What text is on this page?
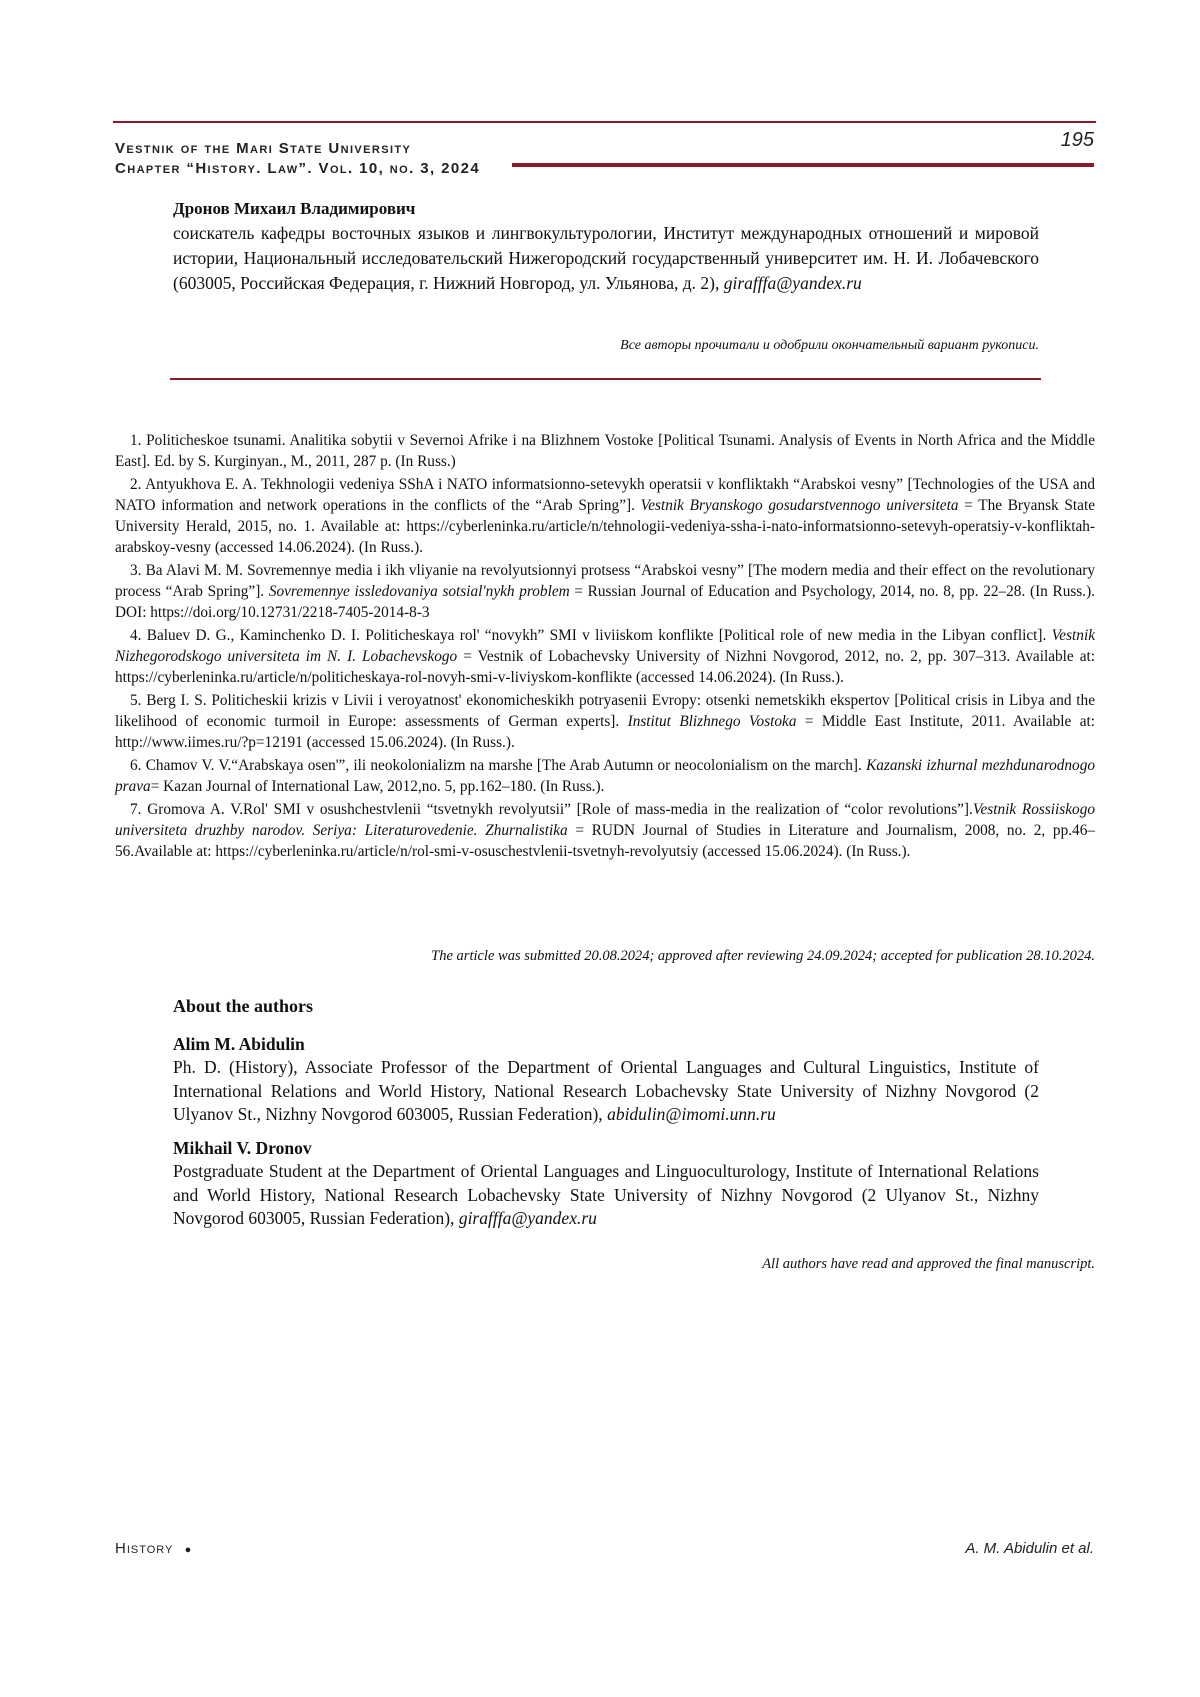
Vestnik of the Mari State University
Chapter “History. Law”. Vol. 10, no. 3, 2024
195
Дронов Михаил Владимирович
соискатель кафедры восточных языков и лингвокультурологии, Институт международных отношений и мировой истории, Национальный исследовательский Нижегородский государственный университет им. Н. И. Лобачевского (603005, Российская Федерация, г. Нижний Новгород, ул. Ульянова, д. 2), girafffa@yandex.ru
Все авторы прочитали и одобрили окончательный вариант рукописи.

1. Politicheskoe tsunami. Analitika sobytii v Severnoi Afrike i na Blizhnem Vostoke [Political Tsunami. Analysis of Events in North Africa and the Middle East]. Ed. by S. Kurginyan., M., 2011, 287 p. (In Russ.)

2. Antyukhova E. A. Tekhnologii vedeniya SShA i NATO informatsionno-setevykh operatsii v konfliktakh “Arabskoi vesny” [Technologies of the USA and NATO information and network operations in the conflicts of the “Arab Spring”]. Vestnik Bryanskogo gosudarstvennogo universiteta = The Bryansk State University Herald, 2015, no. 1. Available at: https://cyberleninka.ru/article/n/tehnologii-vedeniya-ssha-i-nato-informatsionno-setevyh-operatsiy-v-konfliktah-arabskoy-vesny (accessed 14.06.2024). (In Russ.).

3. Ba Alavi M. M. Sovremennye media i ikh vliyanie na revolyutsionnyi protsess “Arabskoi vesny” [The modern media and their effect on the revolutionary process “Arab Spring”]. Sovremennye issledovaniya sotsial'nykh problem = Russian Journal of Education and Psychology, 2014, no. 8, pp. 22–28. (In Russ.). DOI: https://doi.org/10.12731/2218-7405-2014-8-3

4. Baluev D. G., Kaminchenko D. I. Politicheskaya rol' “novykh” SMI v liviiskom konflikte [Political role of new media in the Libyan conflict]. Vestnik Nizhegorodskogo universiteta im N. I. Lobachevskogo = Vestnik of Lobachevsky University of Nizhni Novgorod, 2012, no. 2, pp. 307–313. Available at: https://cyberleninka.ru/article/n/politicheskaya-rol-novyh-smi-v-liviyskom-konflikte (accessed 14.06.2024). (In Russ.).

5. Berg I. S. Politicheskii krizis v Livii i veroyatnost' ekonomicheskikh potryasenii Evropy: otsenki nemetskikh ekspertov [Political crisis in Libya and the likelihood of economic turmoil in Europe: assessments of German experts]. Institut Blizhnego Vostoka = Middle East Institute, 2011. Available at: http://www.iimes.ru/?p=12191 (accessed 15.06.2024). (In Russ.).

6. Chamov V. V.“Arabskaya osen'”, ili neokolonializm na marshe [The Arab Autumn or neocolonialism on the march]. Kazanski izhurnal mezhdunarodnogo prava= Kazan Journal of International Law, 2012,no. 5, pp.162–180. (In Russ.).

7. Gromova A. V.Rol' SMI v osushchestvlenii “tsvetnykh revolyutsii” [Role of mass-media in the realization of “color revolutions”].Vestnik Rossiiskogo universiteta druzhby narodov. Seriya: Literaturovedenie. Zhurnalistika = RUDN Journal of Studies in Literature and Journalism, 2008, no. 2, pp.46–56.Available at: https://cyberleninka.ru/article/n/rol-smi-v-osuschestvlenii-tsvetnyh-revolyutsiy (accessed 15.06.2024). (In Russ.).

The article was submitted 20.08.2024; approved after reviewing 24.09.2024; accepted for publication 28.10.2024.
About the authors

Alim M. Abidulin

Ph. D. (History), Associate Professor of the Department of Oriental Languages and Cultural Linguistics, Institute of International Relations and World History, National Research Lobachevsky State University of Nizhny Novgorod (2 Ulyanov St., Nizhny Novgorod 603005, Russian Federation), abidulin@imomi.unn.ru

Mikhail V. Dronov

Postgraduate Student at the Department of Oriental Languages and Linguoculturology, Institute of International Relations and World History, National Research Lobachevsky State University of Nizhny Novgorod (2 Ulyanov St., Nizhny Novgorod 603005, Russian Federation), girafffa@yandex.ru

All authors have read and approved the final manuscript.
History ●	A. M. Abidulin et al.
